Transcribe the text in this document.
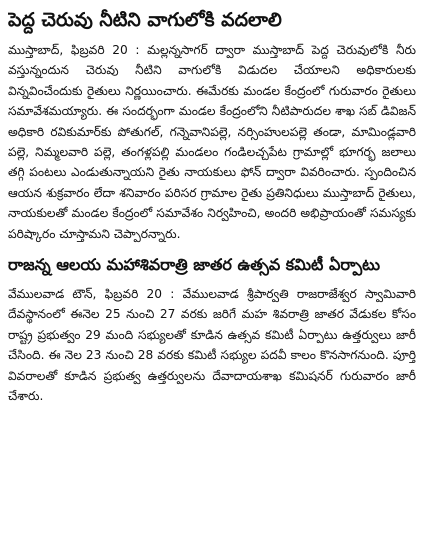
పెద్ద చెరువు నీటిని వాగులోకి వదలాలి

ముస్తాబాద్, ఫిబ్రవరి 20 : మల్లన్నసాగర్ ద్వారా ముస్తాబాద్ పెద్ద చెరువులోకి నీరు వస్తున్నందున చెరువు నీటిని వాగులోకి విడుదల చేయాలని అధికారులకు విన్నవించేందుకు రైతులు నిర్ణయించారు. ఈమేరకు మండల కేంద్రంలో గురువారం రైతులు సమావేశమయ్యారు. ఈ సందర్భంగా మండల కేంద్రంలోని నీటిపారుదల శాఖ సబ్ డివిజన్ అధికారి రవికుమార్‌కు పోతుగల్, గన్నెవానిపల్లె, నర్సింహులపల్లె తండా, మామిండ్లవారి పల్లె, నిమ్మలవారి పల్లె, తంగళ్లపల్లి మండలం గండిలచ్చపేట గ్రామాల్లో భూగర్భ జలాలు తగ్గి పంటలు ఎండుతున్నాయని రైతు నాయకులు ఫోన్ ద్వారా వివరించారు. స్పందించిన ఆయన శుక్రవారం లేదా శనివారం పరిసర గ్రామాల రైతు ప్రతినిధులు ముస్తాబాద్ రైతులు, నాయకులతో మండల కేంద్రంలో సమావేశం నిర్వహించి, అందరి అభిప్రాయంతో సమస్యకు పరిష్కారం చూస్తామని చెప్పారన్నారు.

రాజన్న ఆలయ మహాశివరాత్రి జాతర ఉత్సవ కమిటీ ఏర్పాటు

వేములవాడ టౌన్, ఫిబ్రవరి 20 : వేములవాడ శ్రీపార్వతి రాజరాజేశ్వర స్వామివారి దేవస్థానంలో ఈనెల 25 నుంచి 27 వరకు జరిగే మహ శివరాత్రి జాతర వేడుకల కోసం రాష్ట్ర ప్రభుత్వం 29 మంది సభ్యులతో కూడిన ఉత్సవ కమిటీ ఏర్పాటు ఉత్తర్వులు జారీ చేసింది. ఈ నెల 23 నుంచి 28 వరకు కమిటీ సభ్యుల పదవీ కాలం కొనసాగనుంది. పూర్తి వివరాలతో కూడిన ప్రభుత్వ ఉత్తర్వులను దేవాదాయశాఖ కమిషనర్ గురువారం జారీ చేశారు.
